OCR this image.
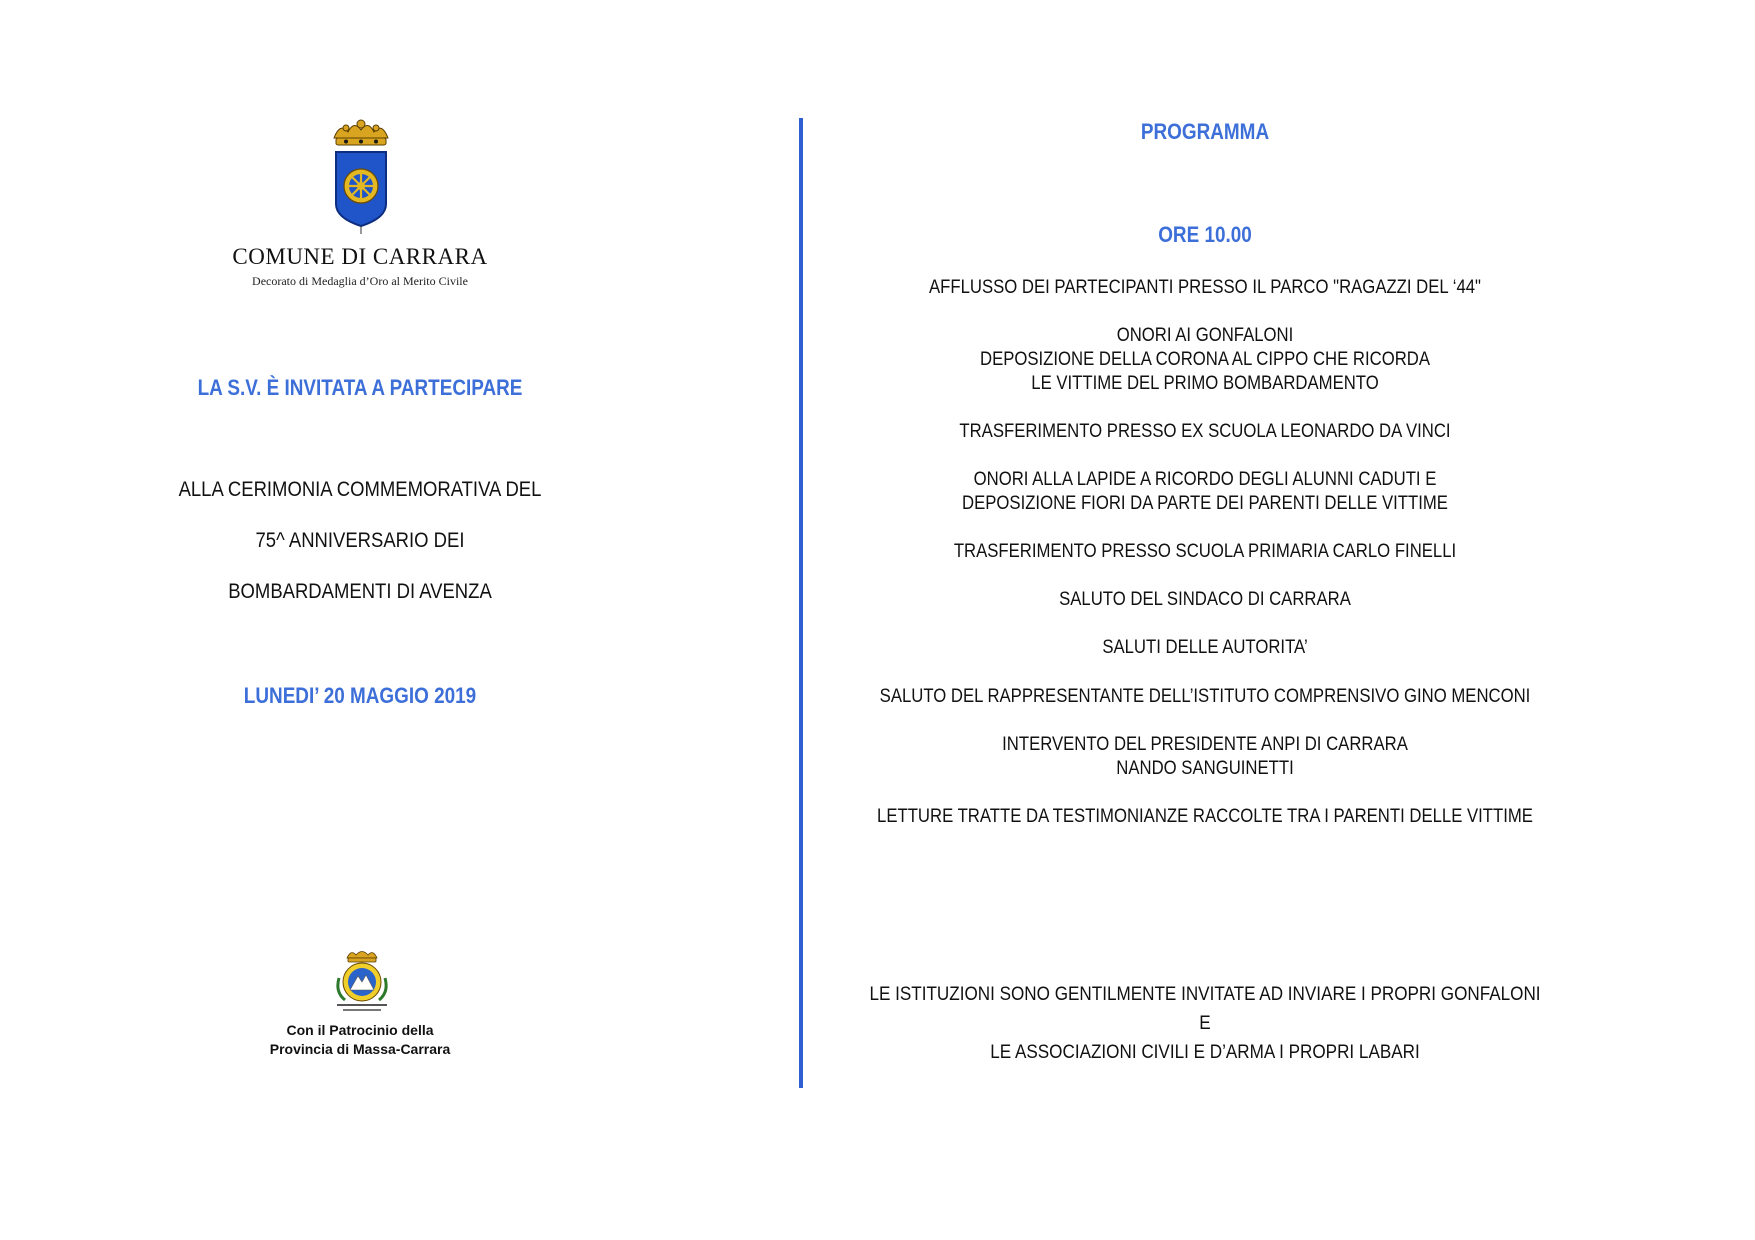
COMUNE DI CARRARA
Decorato di Medaglia d’Oro al Merito Civile
LA S.V. È INVITATA A PARTECIPARE
ALLA CERIMONIA COMMEMORATIVA DEL
75^ ANNIVERSARIO DEI
BOMBARDAMENTI DI AVENZA
LUNEDI’ 20 MAGGIO 2019
Con il Patrocinio della
Provincia di Massa-Carrara
PROGRAMMA
ORE 10.00
AFFLUSSO DEI PARTECIPANTI PRESSO IL PARCO "RAGAZZI DEL ‘44"
ONORI AI GONFALONI
DEPOSIZIONE DELLA CORONA AL CIPPO CHE RICORDA
LE VITTIME DEL PRIMO BOMBARDAMENTO
TRASFERIMENTO PRESSO EX SCUOLA LEONARDO DA VINCI
ONORI ALLA LAPIDE A RICORDO DEGLI ALUNNI CADUTI E
DEPOSIZIONE FIORI DA PARTE DEI PARENTI DELLE VITTIME
TRASFERIMENTO PRESSO SCUOLA PRIMARIA CARLO FINELLI
SALUTO DEL SINDACO DI CARRARA
SALUTI DELLE AUTORITA’
SALUTO DEL RAPPRESENTANTE DELL’ISTITUTO COMPRENSIVO GINO MENCONI
INTERVENTO DEL PRESIDENTE ANPI DI CARRARA
NANDO SANGUINETTI
LETTURE TRATTE DA TESTIMONIANZE RACCOLTE TRA I PARENTI DELLE VITTIME
LE ISTITUZIONI SONO GENTILMENTE INVITATE AD INVIARE I PROPRI GONFALONI E
LE ASSOCIAZIONI CIVILI E D’ARMA I PROPRI LABARI
